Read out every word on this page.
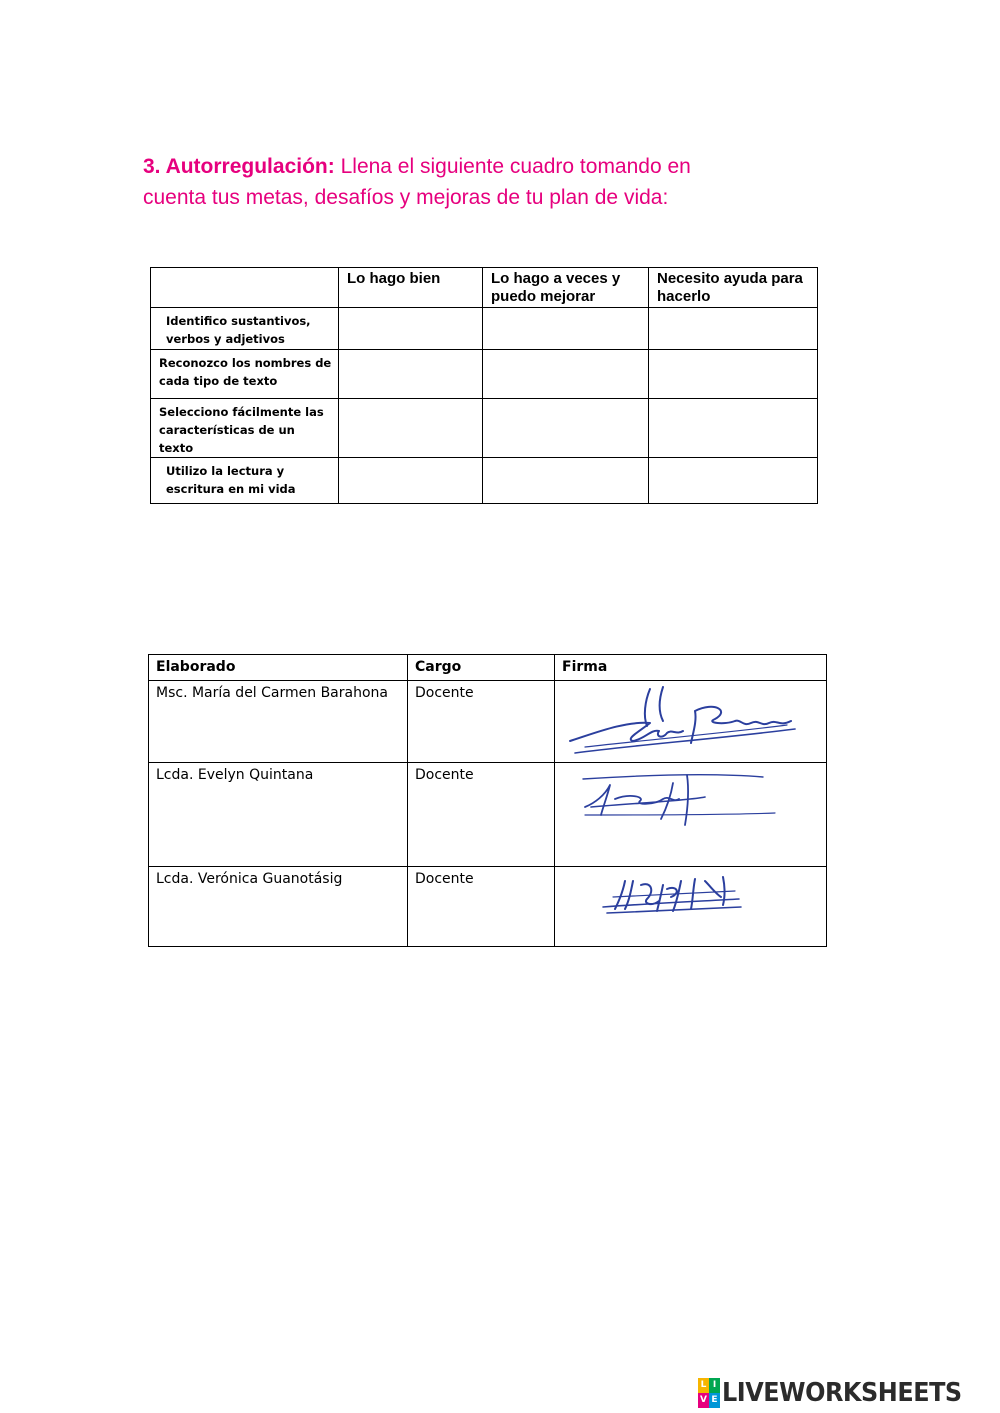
3. Autorregulación: Llena el siguiente cuadro tomando en cuenta tus metas, desafíos y mejoras de tu plan de vida:
	Lo hago bien	Lo hago a veces y puedo mejorar	Necesito ayuda para hacerlo
Identifico sustantivos, verbos y adjetivos			
Reconozco los nombres de cada tipo de texto			
Selecciono fácilmente las características de un texto			
Utilizo la lectura y escritura en mi vida			
Elaborado	Cargo	Firma
Msc. María del Carmen Barahona	Docente	

Lcda. Evelyn Quintana	Docente	

Lcda. Verónica Guanotásig	Docente	
L I
V E LIVEWORKSHEETS
